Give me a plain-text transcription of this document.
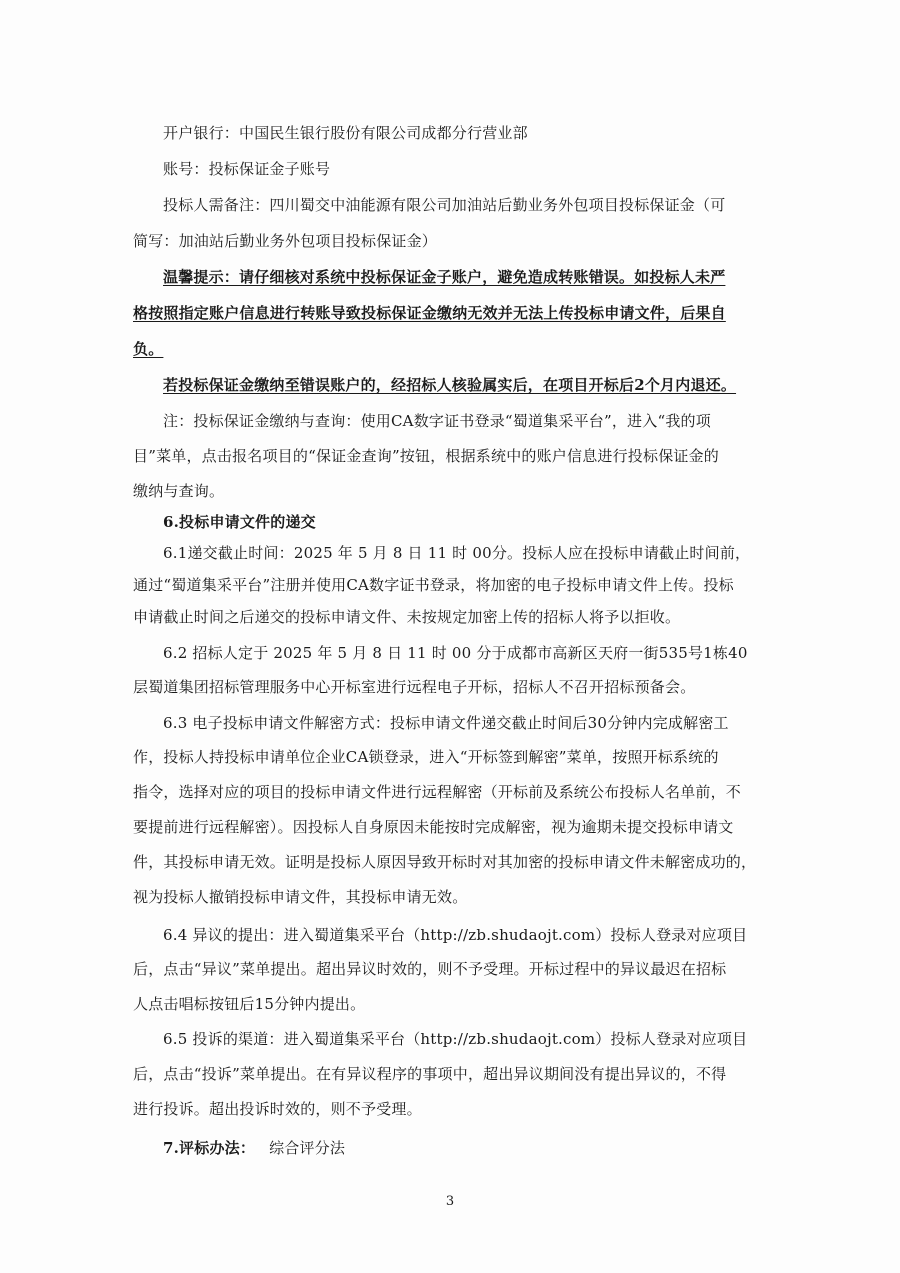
开户银行：中国民生银行股份有限公司成都分行营业部
账号：投标保证金子账号
投标人需备注：四川蜀交中油能源有限公司加油站后勤业务外包项目投标保证金（可
简写：加油站后勤业务外包项目投标保证金）
温馨提示：请仔细核对系统中投标保证金子账户，避免造成转账错误。如投标人未严
格按照指定账户信息进行转账导致投标保证金缴纳无效并无法上传投标申请文件，后果自
负。
若投标保证金缴纳至错误账户的，经招标人核验属实后，在项目开标后2个月内退还。
注：投标保证金缴纳与查询：使用CA数字证书登录“蜀道集采平台”，进入“我的项
目”菜单，点击报名项目的“保证金查询”按钮，根据系统中的账户信息进行投标保证金的
缴纳与查询。
6.投标申请文件的递交
6.1递交截止时间：2025 年 5 月 8 日 11 时 00分。投标人应在投标申请截止时间前，
通过“蜀道集采平台”注册并使用CA数字证书登录，将加密的电子投标申请文件上传。投标
申请截止时间之后递交的投标申请文件、未按规定加密上传的招标人将予以拒收。
6.2 招标人定于 2025 年 5 月 8 日 11 时 00 分于成都市高新区天府一街535号1栋40
层蜀道集团招标管理服务中心开标室进行远程电子开标，招标人不召开招标预备会。
6.3 电子投标申请文件解密方式：投标申请文件递交截止时间后30分钟内完成解密工
作，投标人持投标申请单位企业CA锁登录，进入“开标签到解密”菜单，按照开标系统的
指令，选择对应的项目的投标申请文件进行远程解密（开标前及系统公布投标人名单前，不
要提前进行远程解密）。因投标人自身原因未能按时完成解密，视为逾期未提交投标申请文
件，其投标申请无效。证明是投标人原因导致开标时对其加密的投标申请文件未解密成功的，
视为投标人撤销投标申请文件，其投标申请无效。
6.4 异议的提出：进入蜀道集采平台（http://zb.shudaojt.com）投标人登录对应项目
后，点击“异议”菜单提出。超出异议时效的，则不予受理。开标过程中的异议最迟在招标
人点击唱标按钮后15分钟内提出。
6.5 投诉的渠道：进入蜀道集采平台（http://zb.shudaojt.com）投标人登录对应项目
后，点击“投诉”菜单提出。在有异议程序的事项中，超出异议期间没有提出异议的，不得
进行投诉。超出投诉时效的，则不予受理。
7.评标办法： 综合评分法
3
